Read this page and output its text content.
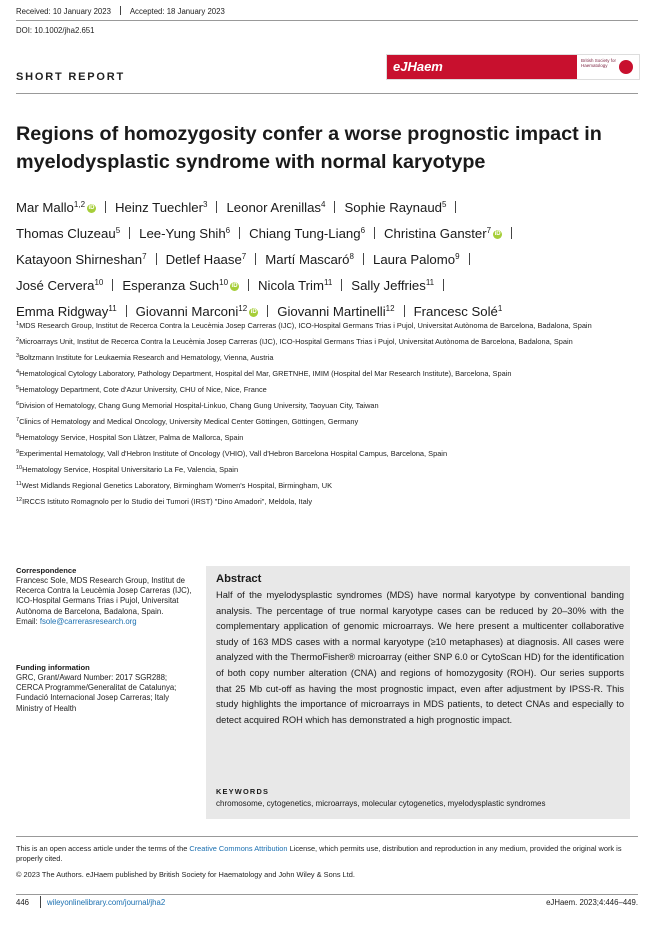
Received: 10 January 2023 Accepted: 18 January 2023
DOI: 10.1002/jha2.651
SHORT REPORT
eJHaem	British Society for Haematology
Regions of homozygosity confer a worse prognostic impact in myelodysplastic syndrome with normal karyotype
Mar Mallo$^{1,2}$ iD Heinz Tuechler$^3$ Leonor Arenillas$^4$ Sophie Raynaud$^5$
Thomas Cluzeau$^5$ Lee-Yung Shih$^6$ Chiang Tung-Liang$^6$ Christina Ganster$^7$ iD
Katayoon Shirneshan$^7$ Detlef Haase$^7$ Martí Mascaró$^8$ Laura Palomo$^9$
José Cervera$^{10}$ Esperanza Such$^{10}$ iD Nicola Trim$^{11}$ Sally Jeffries$^{11}$
Emma Ridgway$^{11}$ Giovanni Marconi$^{12}$ iD Giovanni Martinelli$^{12}$ Francesc Solé$^1$
$^1$MDS Research Group, Institut de Recerca Contra la Leucèmia Josep Carreras (IJC), ICO-Hospital Germans Trias i Pujol, Universitat Autònoma de Barcelona, Badalona, Spain
$^2$Microarrays Unit, Institut de Recerca Contra la Leucèmia Josep Carreras (IJC), ICO-Hospital Germans Trias i Pujol, Universitat Autònoma de Barcelona, Badalona, Spain
$^3$Boltzmann Institute for Leukaemia Research and Hematology, Vienna, Austria
$^4$Hematological Cytology Laboratory, Pathology Department, Hospital del Mar, GRETNHE, IMIM (Hospital del Mar Research Institute), Barcelona, Spain
$^5$Hematology Department, Cote d'Azur University, CHU of Nice, Nice, France
$^6$Division of Hematology, Chang Gung Memorial Hospital-Linkuo, Chang Gung University, Taoyuan City, Taiwan
$^7$Clinics of Hematology and Medical Oncology, University Medical Center Göttingen, Göttingen, Germany
$^8$Hematology Service, Hospital Son Llàtzer, Palma de Mallorca, Spain
$^9$Experimental Hematology, Vall d'Hebron Institute of Oncology (VHIO), Vall d'Hebron Barcelona Hospital Campus, Barcelona, Spain
$^{10}$Hematology Service, Hospital Universitario La Fe, Valencia, Spain
$^{11}$West Midlands Regional Genetics Laboratory, Birmingham Women's Hospital, Birmingham, UK
$^{12}$IRCCS Istituto Romagnolo per lo Studio dei Tumori (IRST) "Dino Amadori", Meldola, Italy
Correspondence
Francesc Sole, MDS Research Group, Institut de Recerca Contra la Leucèmia Josep Carreras (IJC), ICO-Hospital Germans Trias i Pujol, Universitat Autònoma de Barcelona, Badalona, Spain.
Email: fsole@carrerasresearch.org
Funding information
GRC, Grant/Award Number: 2017 SGR288; CERCA Programme/Generalitat de Catalunya; Fundació Internacional Josep Carreras; Italy Ministry of Health
Abstract
Half of the myelodysplastic syndromes (MDS) have normal karyotype by conventional banding analysis. The percentage of true normal karyotype cases can be reduced by 20–30% with the complementary application of genomic microarrays. We here present a multicenter collaborative study of 163 MDS cases with a normal karyotype (≥10 metaphases) at diagnosis. All cases were analyzed with the ThermoFisher® microarray (either SNP 6.0 or CytoScan HD) for the identification of both copy number alteration (CNA) and regions of homozygosity (ROH). Our series supports that 25 Mb cut-off as having the most prognostic impact, even after adjustment by IPSS-R. This study highlights the importance of microarrays in MDS patients, to detect CNAs and especially to detect acquired ROH which has demonstrated a high prognostic impact.
KEYWORDS
chromosome, cytogenetics, microarrays, molecular cytogenetics, myelodysplastic syndromes
This is an open access article under the terms of the Creative Commons Attribution License, which permits use, distribution and reproduction in any medium, provided the original work is properly cited.
© 2023 The Authors. eJHaem published by British Society for Haematology and John Wiley & Sons Ltd.
446 wileyonlinelibrary.com/journal/jha2	eJHaem. 2023;4:446–449.
